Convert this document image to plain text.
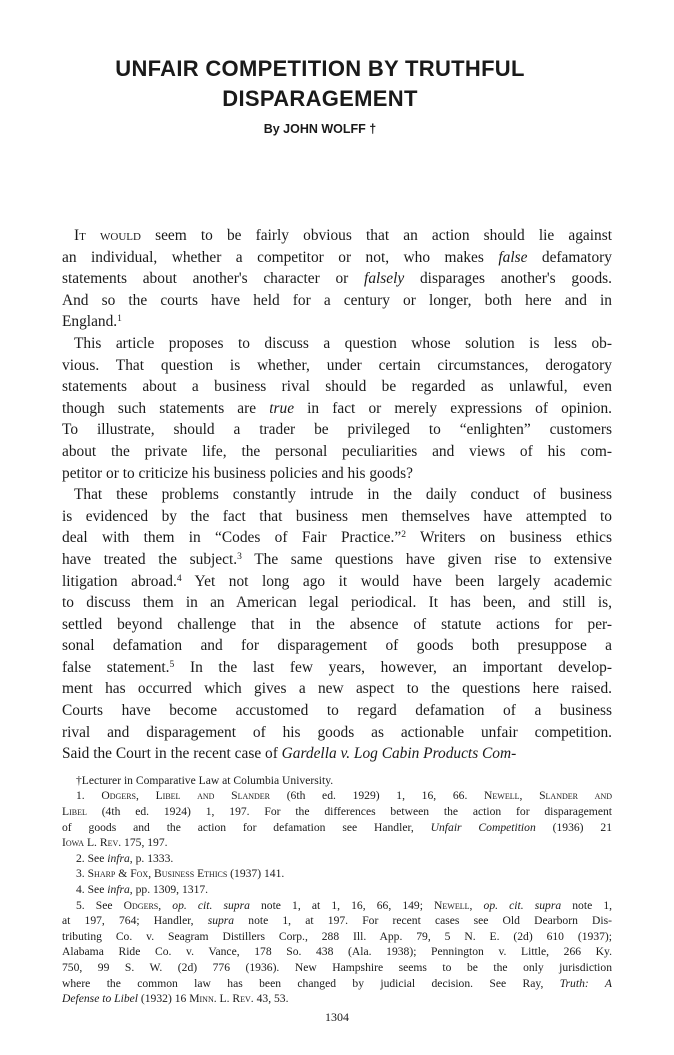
UNFAIR COMPETITION BY TRUTHFUL
DISPARAGEMENT
By JOHN WOLFF †
It would seem to be fairly obvious that an action should lie against
an individual, whether a competitor or not, who makes false defamatory
statements about another's character or falsely disparages another's goods.
And so the courts have held for a century or longer, both here and in
England.$^1$
This article proposes to discuss a question whose solution is less ob-
vious. That question is whether, under certain circumstances, derogatory
statements about a business rival should be regarded as unlawful, even
though such statements are true in fact or merely expressions of opinion.
To illustrate, should a trader be privileged to “enlighten” customers
about the private life, the personal peculiarities and views of his com-
petitor or to criticize his business policies and his goods?
That these problems constantly intrude in the daily conduct of business
is evidenced by the fact that business men themselves have attempted to
deal with them in “Codes of Fair Practice.”$^2$ Writers on business ethics
have treated the subject.$^3$ The same questions have given rise to extensive
litigation abroad.$^4$ Yet not long ago it would have been largely academic
to discuss them in an American legal periodical. It has been, and still is,
settled beyond challenge that in the absence of statute actions for per-
sonal defamation and for disparagement of goods both presuppose a
false statement.$^5$ In the last few years, however, an important develop-
ment has occurred which gives a new aspect to the questions here raised.
Courts have become accustomed to regard defamation of a business
rival and disparagement of his goods as actionable unfair competition.
Said the Court in the recent case of Gardella v. Log Cabin Products Com-
†Lecturer in Comparative Law at Columbia University.
1. Odgers, Libel and Slander (6th ed. 1929) 1, 16, 66. Newell, Slander and
Libel (4th ed. 1924) 1, 197. For the differences between the action for disparagement
of goods and the action for defamation see Handler, Unfair Competition (1936) 21
Iowa L. Rev. 175, 197.
2. See infra, p. 1333.
3. Sharp & Fox, Business Ethics (1937) 141.
4. See infra, pp. 1309, 1317.
5. See Odgers, op. cit. supra note 1, at 1, 16, 66, 149; Newell, op. cit. supra note 1,
at 197, 764; Handler, supra note 1, at 197. For recent cases see Old Dearborn Dis-
tributing Co. v. Seagram Distillers Corp., 288 Ill. App. 79, 5 N. E. (2d) 610 (1937);
Alabama Ride Co. v. Vance, 178 So. 438 (Ala. 1938); Pennington v. Little, 266 Ky.
750, 99 S. W. (2d) 776 (1936). New Hampshire seems to be the only jurisdiction
where the common law has been changed by judicial decision. See Ray, Truth: A
Defense to Libel (1932) 16 Minn. L. Rev. 43, 53.
1304
